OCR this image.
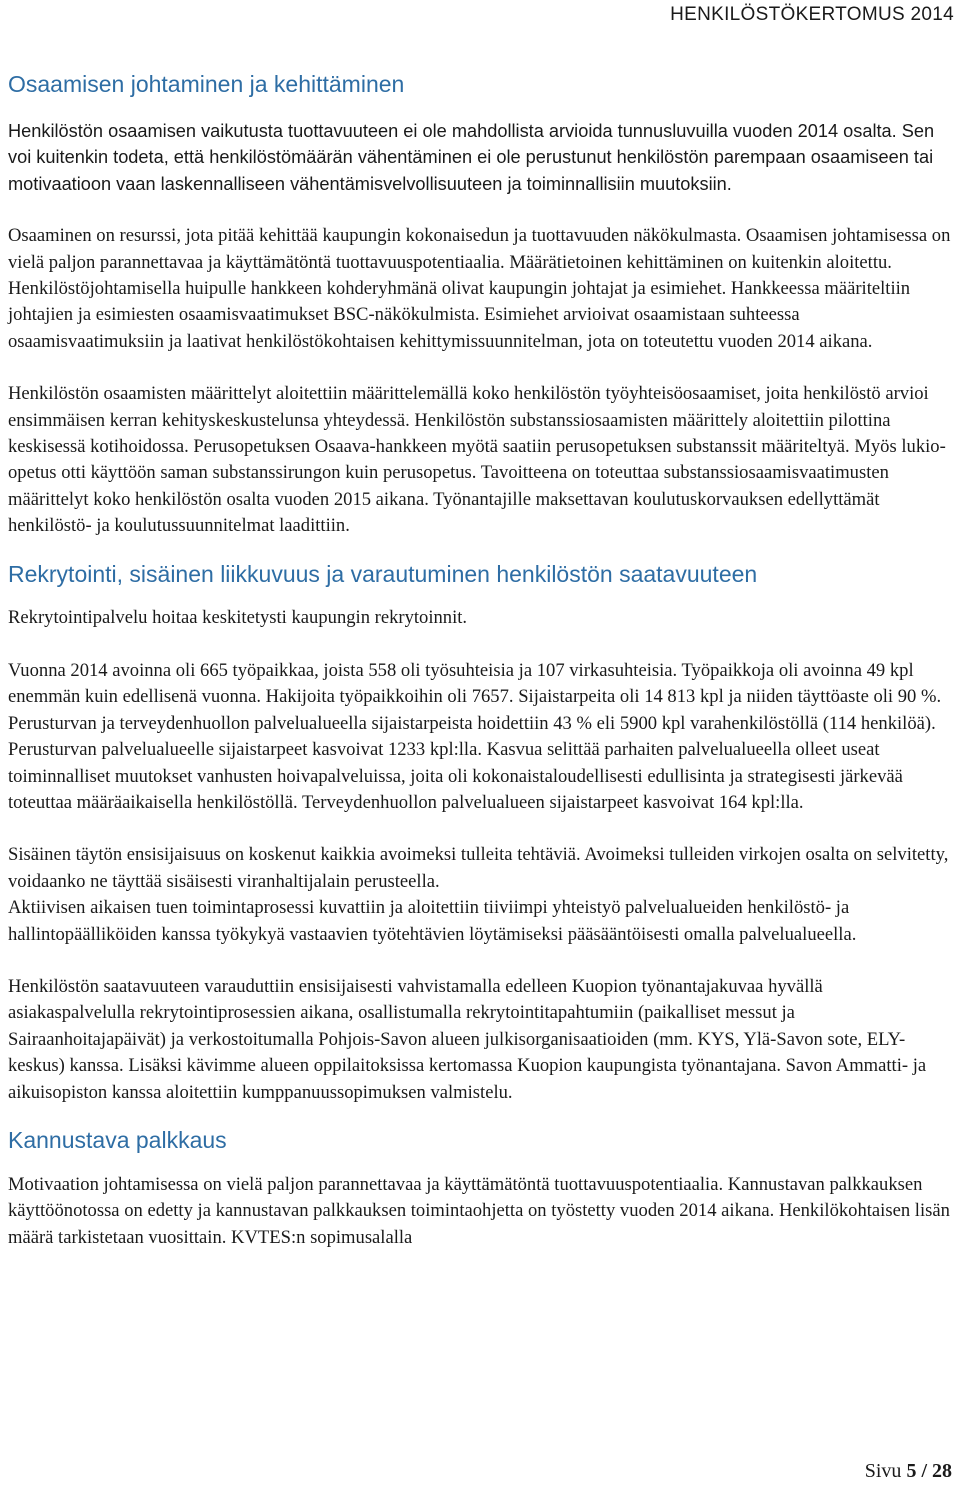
HENKILÖSTÖKERTOMUS 2014
Osaamisen johtaminen ja kehittäminen

Henkilöstön osaamisen vaikutusta tuottavuuteen ei ole mahdollista arvioida tunnusluvuilla vuoden 2014 osalta. Sen voi kuitenkin todeta, että henkilöstömäärän vähentäminen ei ole perustunut henkilöstön parempaan osaamiseen tai motivaatioon vaan laskennalliseen vähentämisvelvollisuuteen ja toiminnallisiin muutoksiin.

Osaaminen on resurssi, jota pitää kehittää kaupungin kokonaisedun ja tuottavuuden näkökulmasta. Osaamisen johtamisessa on vielä paljon parannettavaa ja käyttämätöntä tuottavuuspotentiaalia. Määrätietoinen kehittäminen on kuitenkin aloitettu. Henkilöstöjohtamisella huipulle hankkeen kohderyhmänä olivat kaupungin johtajat ja esimiehet. Hankkeessa määriteltiin johtajien ja esimiesten osaamisvaatimukset BSC-näkökulmista. Esimiehet arvioivat osaamistaan suhteessa osaamisvaatimuksiin ja laativat henkilöstökohtaisen kehittymissuunnitelman, jota on toteutettu vuoden 2014 aikana.

Henkilöstön osaamisten määrittelyt aloitettiin määrittelemällä koko henkilöstön työyhteisöosaamiset, joita henkilöstö arvioi ensimmäisen kerran kehityskeskustelunsa yhteydessä. Henkilöstön substanssiosaamisten määrittely aloitettiin pilottina keskisessä kotihoidossa. Perusopetuksen Osaava-hankkeen myötä saatiin perusopetuksen substanssit määriteltyä. Myös lukio-opetus otti käyttöön saman substanssirungon kuin perusopetus. Tavoitteena on toteuttaa substanssiosaamisvaatimusten määrittelyt koko henkilöstön osalta vuoden 2015 aikana. Työnantajille maksettavan koulutuskorvauksen edellyttämät henkilöstö- ja koulutussuunnitelmat laadittiin.

Rekrytointi, sisäinen liikkuvuus ja varautuminen henkilöstön saatavuuteen

Rekrytointipalvelu hoitaa keskitetysti kaupungin rekrytoinnit.

Vuonna 2014 avoinna oli 665 työpaikkaa, joista 558 oli työsuhteisia ja 107 virkasuhteisia. Työpaikkoja oli avoinna 49 kpl enemmän kuin edellisenä vuonna. Hakijoita työpaikkoihin oli 7657. Sijaistarpeita oli 14 813 kpl ja niiden täyttöaste oli 90 %. Perusturvan ja terveydenhuollon palvelualueella sijaistarpeista hoidettiin 43 % eli 5900 kpl varahenkilöstöllä (114 henkilöä). Perusturvan palvelualueelle sijaistarpeet kasvoivat 1233 kpl:lla. Kasvua selittää parhaiten palvelualueella olleet useat toiminnalliset muutokset vanhusten hoivapalveluissa, joita oli kokonaistaloudellisesti edullisinta ja strategisesti järkevää toteuttaa määräaikaisella henkilöstöllä. Terveydenhuollon palvelualueen sijaistarpeet kasvoivat 164 kpl:lla.

Sisäinen täytön ensisijaisuus on koskenut kaikkia avoimeksi tulleita tehtäviä. Avoimeksi tulleiden virkojen osalta on selvitetty, voidaanko ne täyttää sisäisesti viranhaltijalain perusteella.

Aktiivisen aikaisen tuen toimintaprosessi kuvattiin ja aloitettiin tiiviimpi yhteistyö palvelualueiden henkilöstö- ja hallintopäälliköiden kanssa työkykyä vastaavien työtehtävien löytämiseksi pääsääntöisesti omalla palvelualueella.

Henkilöstön saatavuuteen varauduttiin ensisijaisesti vahvistamalla edelleen Kuopion työnantajakuvaa hyvällä asiakaspalvelulla rekrytointiprosessien aikana, osallistumalla rekrytointitapahtumiin (paikalliset messut ja Sairaanhoitajapäivät) ja verkostoitumalla Pohjois-Savon alueen julkisorganisaatioiden (mm. KYS, Ylä-Savon sote, ELY-keskus) kanssa. Lisäksi kävimme alueen oppilaitoksissa kertomassa Kuopion kaupungista työnantajana. Savon Ammatti- ja aikuisopiston kanssa aloitettiin kumppanuussopimuksen valmistelu.

Kannustava palkkaus

Motivaation johtamisessa on vielä paljon parannettavaa ja käyttämätöntä tuottavuuspotentiaalia. Kannustavan palkkauksen käyttöönotossa on edetty ja kannustavan palkkauksen toimintaohjetta on työstetty vuoden 2014 aikana. Henkilökohtaisen lisän määrä tarkistetaan vuosittain. KVTES:n sopimusalalla

Sivu 5 / 28
